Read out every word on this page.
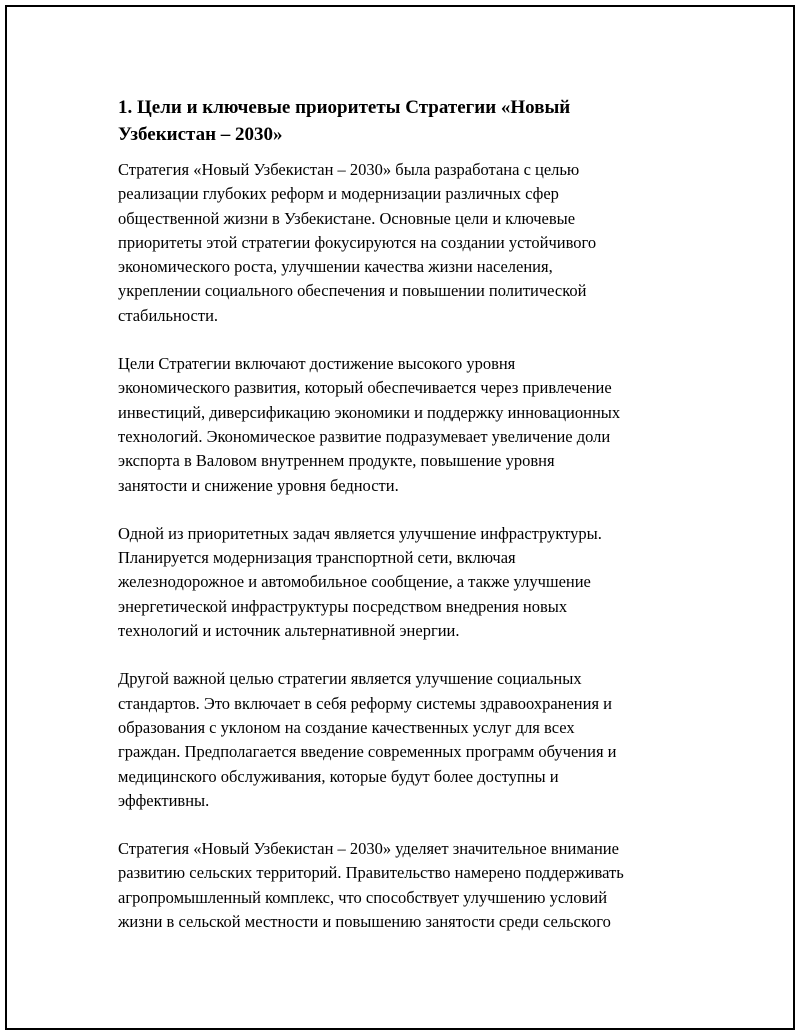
1. Цели и ключевые приоритеты Стратегии «Новый
Узбекистан – 2030»

Стратегия «Новый Узбекистан – 2030» была разработана с целью
реализации глубоких реформ и модернизации различных сфер
общественной жизни в Узбекистане. Основные цели и ключевые
приоритеты этой стратегии фокусируются на создании устойчивого
экономического роста, улучшении качества жизни населения,
укреплении социального обеспечения и повышении политической
стабильности.

Цели Стратегии включают достижение высокого уровня
экономического развития, который обеспечивается через привлечение
инвестиций, диверсификацию экономики и поддержку инновационных
технологий. Экономическое развитие подразумевает увеличение доли
экспорта в Валовом внутреннем продукте, повышение уровня
занятости и снижение уровня бедности.

Одной из приоритетных задач является улучшение инфраструктуры.
Планируется модернизация транспортной сети, включая
железнодорожное и автомобильное сообщение, а также улучшение
энергетической инфраструктуры посредством внедрения новых
технологий и источник альтернативной энергии.

Другой важной целью стратегии является улучшение социальных
стандартов. Это включает в себя реформу системы здравоохранения и
образования с уклоном на создание качественных услуг для всех
граждан. Предполагается введение современных программ обучения и
медицинского обслуживания, которые будут более доступны и
эффективны.

Стратегия «Новый Узбекистан – 2030» уделяет значительное внимание
развитию сельских территорий. Правительство намерено поддерживать
агропромышленный комплекс, что способствует улучшению условий
жизни в сельской местности и повышению занятости среди сельского
